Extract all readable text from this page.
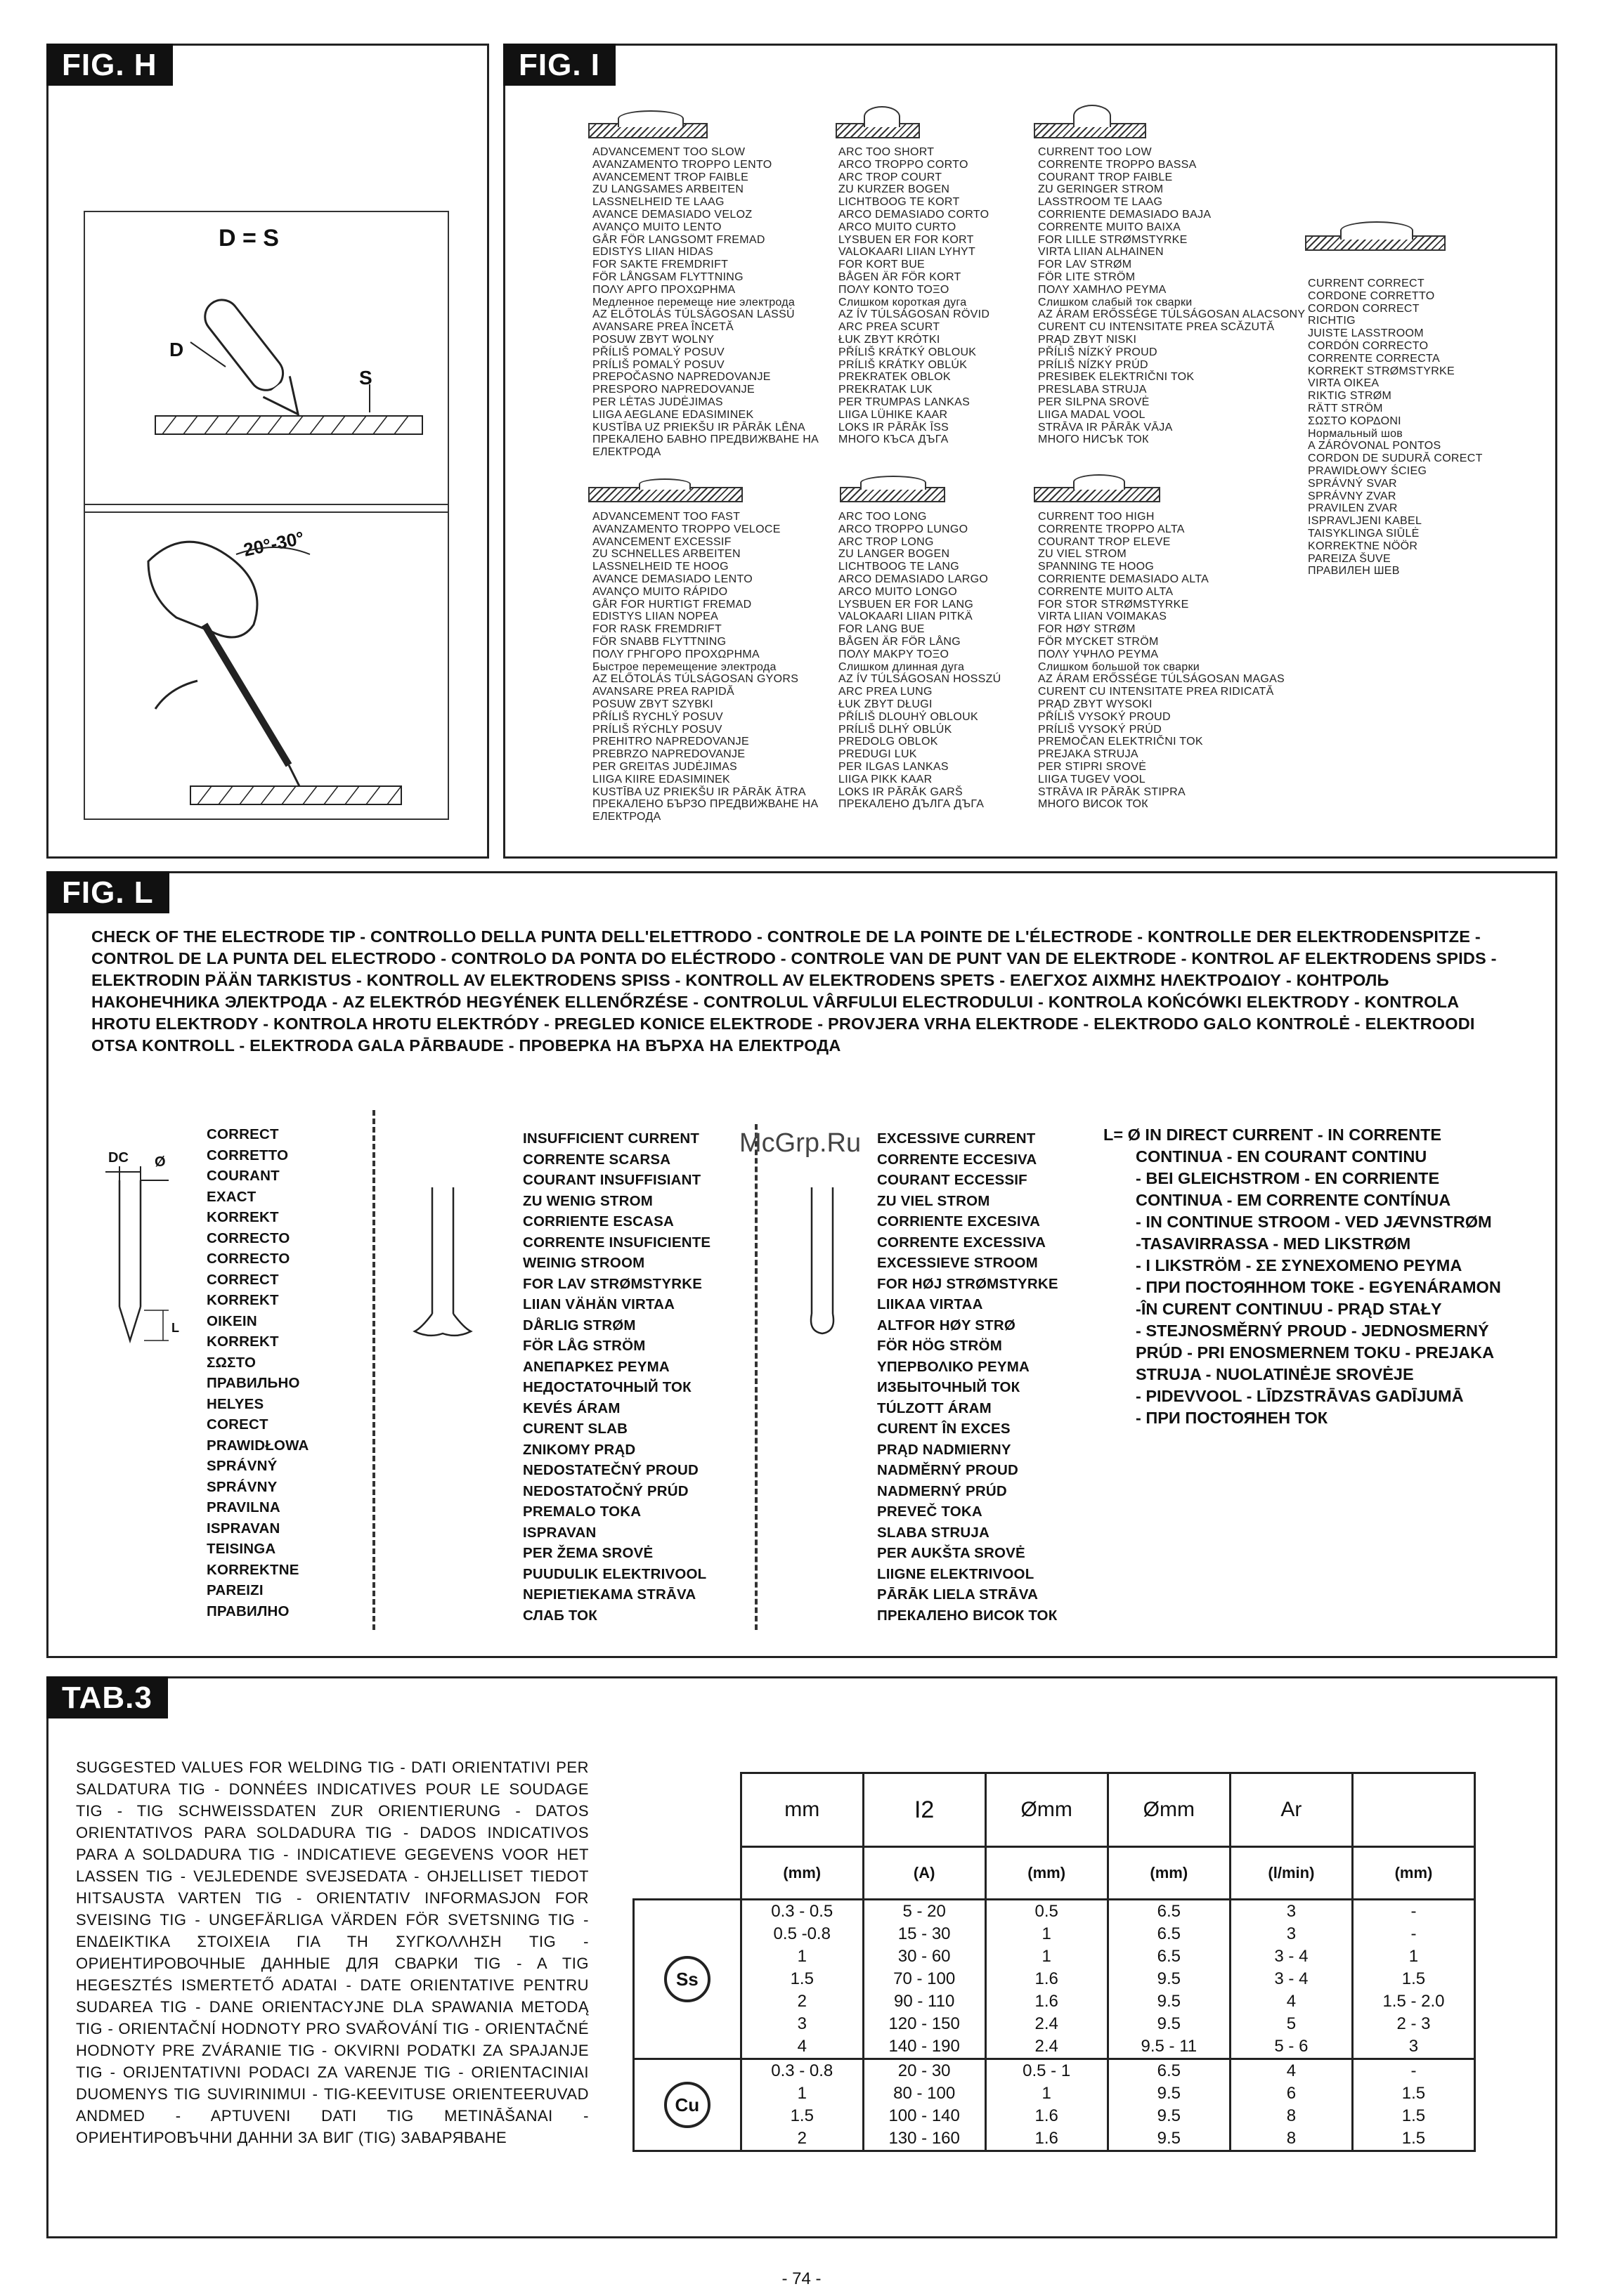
FIG. H
D = S
D
S
20°-30°
FIG. I
ADVANCEMENT TOO SLOW
AVANZAMENTO TROPPO LENTO
AVANCEMENT TROP FAIBLE
ZU LANGSAMES ARBEITEN
LASSNELHEID TE LAAG
AVANCE DEMASIADO VELOZ
AVANÇO MUITO LENTO
GÅR FÖR LANGSOMT FREMAD
EDISTYS LIIAN HIDAS
FOR SAKTE FREMDRIFT
FÖR LÅNGSAM FLYTTNING
ΠΟΛΥ ΑΡΓΟ ΠΡΟΧΩΡΗΜΑ
Медленное перемеще ние электрода
AZ ELŐTOLÁS TÚLSÁGOSAN LASSÚ
AVANSARE PREA ÎNCETĂ
POSUW ZBYT WOLNY
PŘÍLIŠ POMALÝ POSUV
PRÍLIŠ POMALÝ POSUV
PREPOČASNO NAPREDOVANJE
PRESPORO NAPREDOVANJE
PER LĖTAS JUDĖJIMAS
LIIGA AEGLANE EDASIMINEK
KUSTĪBA UZ PRIEKŠU IR PĀRĀK LĒNA
ПРЕКАЛЕНО БАВНО ПРЕДВИЖВАНЕ НА
ЕЛЕКТРОДА
ARC TOO SHORT
ARCO TROPPO CORTO
ARC TROP COURT
ZU KURZER BOGEN
LICHTBOOG TE KORT
ARCO DEMASIADO CORTO
ARCO MUITO CURTO
LYSBUEN ER FOR KORT
VALOKAARI LIIAN LYHYT
FOR KORT BUE
BÅGEN ÄR FÖR KORT
ΠΟΛΥ ΚΟΝΤΟ ΤΟΞΟ
Слишком короткая дуга
AZ ÍV TÚLSÁGOSAN RÖVID
ARC PREA SCURT
ŁUK ZBYT KRÓTKI
PŘÍLIŠ KRÁTKÝ OBLOUK
PRÍLIŠ KRÁTKY OBLÚK
PREKRATEK OBLOK
PREKRATAK LUK
PER TRUMPAS LANKAS
LIIGA LÜHIKE KAAR
LOKS IR PĀRĀK ĪSS
МНОГО КЪСА ДЪГА
CURRENT TOO LOW
CORRENTE TROPPO BASSA
COURANT TROP FAIBLE
ZU GERINGER STROM
LASSTROOM TE LAAG
CORRIENTE DEMASIADO BAJA
CORRENTE MUITO BAIXA
FOR LILLE STRØMSTYRKE
VIRTA LIIAN ALHAINEN
FOR LAV STRØM
FÖR LITE STRÖM
ΠΟΛΥ ΧΑΜΗΛΟ ΡΕΥΜΑ
Слишком слабый ток сварки
AZ ÁRAM ERŐSSÉGE TÚLSÁGOSAN ALACSONY
CURENT CU INTENSITATE PREA SCĂZUTĂ
PRĄD ZBYT NISKI
PŘÍLIŠ NÍZKÝ PROUD
PRÍLIŠ NÍZKY PRÚD
PRESIBEK ELEKTRIČNI TOK
PRESLABA STRUJA
PER SILPNA SROVĖ
LIIGA MADAL VOOL
STRĀVA IR PĀRĀK VĀJA
МНОГО НИСЪК ТОК
CURRENT CORRECT
CORDONE CORRETTO
CORDON CORRECT
RICHTIG
JUISTE LASSTROOM
CORDÓN CORRECTO
CORRENTE CORRECTA
KORREKT STRØMSTYRKE
VIRTA OIKEA
RIKTIG STRØM
RÄTT STRÖM
ΣΩΣΤΟ ΚΟΡΔΟΝΙ
Нормальный шов
A ZÁRÓVONAL PONTOS
CORDON DE SUDURĂ CORECT
PRAWIDŁOWY ŚCIEG
SPRÁVNÝ SVAR
SPRÁVNY ZVAR
PRAVILEN ZVAR
ISPRAVLJENI KABEL
TAISYKLINGA SIŪLĖ
KORREKTNE NÖÖR
PAREIZA ŠUVE
ПРАВИЛЕН ШЕВ
ADVANCEMENT TOO FAST
AVANZAMENTO TROPPO VELOCE
AVANCEMENT EXCESSIF
ZU SCHNELLES ARBEITEN
LASSNELHEID TE HOOG
AVANCE DEMASIADO LENTO
AVANÇO MUITO RÁPIDO
GÅR FOR HURTIGT FREMAD
EDISTYS LIIAN NOPEA
FOR RASK FREMDRIFT
FÖR SNABB FLYTTNING
ΠΟΛΥ ΓΡΗΓΟΡΟ ΠΡΟΧΩΡΗΜΑ
Быстрое перемещение электрода
AZ ELŐTOLÁS TÚLSÁGOSAN GYORS
AVANSARE PREA RAPIDĂ
POSUW ZBYT SZYBKI
PŘÍLIŠ RYCHLÝ POSUV
PRÍLIŠ RÝCHLY POSUV
PREHITRO NAPREDOVANJE
PREBRZO NAPREDOVANJE
PER GREITAS JUDĖJIMAS
LIIGA KIIRE EDASIMINEK
KUSTĪBA UZ PRIEKŠU IR PĀRĀK ĀTRA
ПРЕКАЛЕНО БЪРЗО ПРЕДВИЖВАНЕ НА
ЕЛЕКТРОДА
ARC TOO LONG
ARCO TROPPO LUNGO
ARC TROP LONG
ZU LANGER BOGEN
LICHTBOOG TE LANG
ARCO DEMASIADO LARGO
ARCO MUITO LONGO
LYSBUEN ER FOR LANG
VALOKAARI LIIAN PITKÄ
FOR LANG BUE
BÅGEN ÄR FÖR LÅNG
ΠΟΛΥ ΜΑΚΡΥ ΤΟΞΟ
Слишком длинная дуга
AZ ÍV TÚLSÁGOSAN HOSSZÚ
ARC PREA LUNG
ŁUK ZBYT DŁUGI
PŘÍLIŠ DLOUHÝ OBLOUK
PRÍLIŠ DLHÝ OBLÚK
PREDOLG OBLOK
PREDUGI LUK
PER ILGAS LANKAS
LIIGA PIKK KAAR
LOKS IR PĀRĀK GARŠ
ПРЕКАЛЕНО ДЪЛГА ДЪГА
CURRENT TOO HIGH
CORRENTE TROPPO ALTA
COURANT TROP ELEVE
ZU VIEL STROM
SPANNING TE HOOG
CORRIENTE DEMASIADO ALTA
CORRENTE MUITO ALTA
FOR STOR STRØMSTYRKE
VIRTA LIIAN VOIMAKAS
FOR HØY STRØM
FÖR MYCKET STRÖM
ΠΟΛΥ ΥΨΗΛΟ ΡΕΥΜΑ
Слишком большой ток сварки
AZ ÁRAM ERŐSSÉGE TÚLSÁGOSAN MAGAS
CURENT CU INTENSITATE PREA RIDICATĂ
PRĄD ZBYT WYSOKI
PŘÍLIŠ VYSOKÝ PROUD
PRÍLIŠ VYSOKÝ PRÚD
PREMOČAN ELEKTRIČNI TOK
PREJAKA STRUJA
PER STIPRI SROVĖ
LIIGA TUGEV VOOL
STRĀVA IR PĀRĀK STIPRA
МНОГО ВИСОК ТОК
FIG. L
CHECK OF THE ELECTRODE TIP - CONTROLLO DELLA PUNTA DELL'ELETTRODO - CONTROLE DE LA POINTE DE L'ÉLECTRODE - KONTROLLE DER ELEKTRODENSPITZE - CONTROL DE LA PUNTA DEL ELECTRODO - CONTROLO DA PONTA DO ELÉCTRODO - CONTROLE VAN DE PUNT VAN DE ELEKTRODE - KONTROL AF ELEKTRODENS SPIDS - ELEKTRODIN PÄÄN TARKISTUS - KONTROLL AV ELEKTRODENS SPISS - KONTROLL AV ELEKTRODENS SPETS - ΕΛΕΓΧΟΣ ΑΙΧΜΗΣ ΗΛΕΚΤΡΟΔΙΟΥ - КОНТРОЛЬ НАКОНЕЧНИКА ЭЛЕКТРОДА - AZ ELEKTRÓD HEGYÉNEK ELLENŐRZÉSE - CONTROLUL VÂRFULUI ELECTRODULUI - KONTROLA KOŃCÓWKI ELEKTRODY - KONTROLA HROTU ELEKTRODY - KONTROLA HROTU ELEKTRÓDY - PREGLED KONICE ELEKTRODE - PROVJERA VRHA ELEKTRODE - ELEKTRODO GALO KONTROLĖ - ELEKTROODI OTSA KONTROLL - ELEKTRODA GALA PĀRBAUDE - ПРОВЕРКА НА ВЪРХА НА ЕЛЕКТРОДА
DC Ø
L
CORRECT
CORRETTO
COURANT
EXACT
KORREKT
CORRECTO
CORRECTO
CORRECT
KORREKT
OIKEIN
KORREKT
ΣΩΣΤΟ
ПРАВИЛЬНО
HELYES
CORECT
PRAWIDŁOWA
SPRÁVNÝ
SPRÁVNY
PRAVILNA
ISPRAVAN
TEISINGA
KORREKTNE
PAREIZI
ПРАВИЛНО
INSUFFICIENT CURRENT
CORRENTE SCARSA
COURANT INSUFFISIANT
ZU WENIG STROM
CORRIENTE ESCASA
CORRENTE INSUFICIENTE
WEINIG STROOM
FOR LAV STRØMSTYRKE
LIIAN VÄHÄN VIRTAA
DÅRLIG STRØM
FÖR LÅG STRÖM
ΑΝΕΠΑΡΚΕΣ ΡΕΥΜΑ
НЕДОСТАТОЧНЫЙ ТОК
KEVÉS ÁRAM
CURENT SLAB
ZNIKOMY PRĄD
NEDOSTATEČNÝ PROUD
NEDOSTATOČNÝ PRÚD
PREMALO TOKA
ISPRAVAN
PER ŽEMA SROVĖ
PUUDULIK ELEKTRIVOOL
NEPIETIEKAMA STRĀVA
СЛАБ ТОК
EXCESSIVE CURRENT
CORRENTE ECCESIVA
COURANT ECCESSIF
ZU VIEL STROM
CORRIENTE EXCESIVA
CORRENTE EXCESSIVA
EXCESSIEVE STROOM
FOR HØJ STRØMSTYRKE
LIIKAA VIRTAA
ALTFOR HØY STRØ
FÖR HÖG STRÖM
ΥΠΕΡΒΟΛΙΚΟ ΡΕΥΜΑ
ИЗБЫТОЧНЫЙ ТОК
TÚLZOTT ÁRAM
CURENT ÎN EXCES
PRĄD NADMIERNY
NADMĚRNÝ PROUD
NADMERNÝ PRÚD
PREVEČ TOKA
SLABA STRUJA
PER AUKŠTA SROVĖ
LIIGNE ELEKTRIVOOL
PĀRĀK LIELA STRĀVA
ПРЕКАЛЕНО ВИСОК ТОК
L= Ø IN DIRECT CURRENT - IN CORRENTE
CONTINUA - EN COURANT CONTINU
- BEI GLEICHSTROM - EN CORRIENTE
CONTINUA - EM CORRENTE CONTÍNUA
- IN CONTINUE STROOM - VED JÆVNSTRØM
-TASAVIRRASSA - MED LIKSTRØM
- I LIKSTRÖM - ΣΕ ΣΥΝΕΧΟΜΕΝΟ ΡΕΥΜΑ
- ПРИ ПОСТОЯННОМ ТОКЕ - EGYENÁRAMON
-ÎN CURENT CONTINUU - PRĄD STAŁY
- STEJNOSMĚRNÝ PROUD - JEDNOSMERNÝ
PRÚD - PRI ENOSMERNEM TOKU - PREJAKA
STRUJA - NUOLATINĖJE SROVĖJE
- PIDEVVOOL - LĪDZSTRĀVAS GADĪJUMĀ
- ПРИ ПОСТОЯНЕН ТОК
McGrp.Ru
TAB.3
SUGGESTED VALUES FOR WELDING TIG - DATI ORIENTATIVI PER SALDATURA TIG - DONNÉES INDICATIVES POUR LE SOUDAGE TIG - TIG SCHWEISSDATEN ZUR ORIENTIERUNG - DATOS ORIENTATIVOS PARA SOLDADURA TIG - DADOS INDICATIVOS PARA A SOLDADURA TIG - INDICATIEVE GEGEVENS VOOR HET LASSEN TIG - VEJLEDENDE SVEJSEDATA - OHJELLISET TIEDOT HITSAUSTA VARTEN TIG - ORIENTATIV INFORMASJON FOR SVEISING TIG - UNGEFÄRLIGA VÄRDEN FÖR SVETSNING TIG - ΕΝΔΕΙΚΤΙΚΑ ΣΤΟΙΧΕΙΑ ΓΙΑ ΤΗ ΣΥΓΚΟΛΛΗΣΗ TIG - ОРИЕНТИРОВОЧНЫЕ ДАННЫЕ ДЛЯ СВАРКИ TIG - A TIG HEGESZTÉS ISMERTETŐ ADATAI - DATE ORIENTATIVE PENTRU SUDAREA TIG - DANE ORIENTACYJNE DLA SPAWANIA METODĄ TIG - ORIENTAČNÍ HODNOTY PRO SVAŘOVÁNÍ TIG - ORIENTAČNÉ HODNOTY PRE ZVÁRANIE TIG - OKVIRNI PODATKI ZA SPAJANJE TIG - ORIJENTATIVNI PODACI ZA VARENJE TIG - ORIENTACINIAI DUOMENYS TIG SUVIRINIMUI - TIG-KEEVITUSE ORIENTEERUVAD ANDMED - APTUVENI DATI TIG METINĀŠANAI - ОРИЕНТИРОВЪЧНИ ДАННИ ЗА ВИГ (TIG) ЗАВАРЯВАНЕ
	mm	I2	Ømm	Ømm	Ar	
	(mm)	(A)	(mm)	(mm)	(l/min)	(mm)
Ss	0.3 - 0.5	5 - 20	0.5	6.5	3	-
	0.5 -0.8	15 - 30	1	6.5	3	-
	1	30 - 60	1	6.5	3 - 4	1
	1.5	70 - 100	1.6	9.5	3 - 4	1.5
	2	90 - 110	1.6	9.5	4	1.5 - 2.0
	3	120 - 150	2.4	9.5	5	2 - 3
	4	140 - 190	2.4	9.5 - 11	5 - 6	3
Cu	0.3 - 0.8	20 - 30	0.5 - 1	6.5	4	-
	1	80 - 100	1	9.5	6	1.5
	1.5	100 - 140	1.6	9.5	8	1.5
	2	130 - 160	1.6	9.5	8	1.5
- 74 -
